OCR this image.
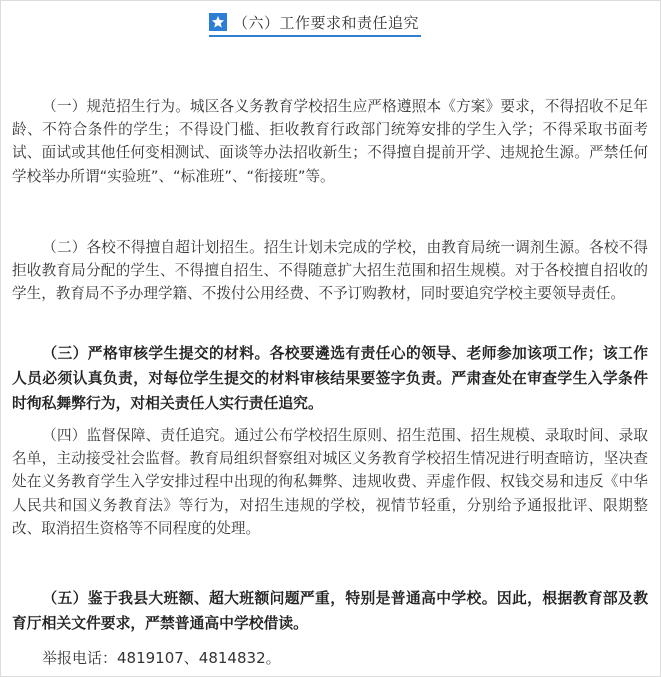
（六）工作要求和责任追究

（一）规范招生行为。城区各义务教育学校招生应严格遵照本《方案》要求，不得招收不足年龄、不符合条件的学生；不得设门槛、拒收教育行政部门统筹安排的学生入学；不得采取书面考试、面试或其他任何变相测试、面谈等办法招收新生；不得擅自提前开学、违规抢生源。严禁任何学校举办所谓“实验班”、“标准班”、“衔接班”等。

（二）各校不得擅自超计划招生。招生计划未完成的学校，由教育局统一调剂生源。各校不得拒收教育局分配的学生、不得擅自招生、不得随意扩大招生范围和招生规模。对于各校擅自招收的学生，教育局不予办理学籍、不拨付公用经费、不予订购教材，同时要追究学校主要领导责任。

（三）严格审核学生提交的材料。各校要遴选有责任心的领导、老师参加该项工作；该工作人员必须认真负责，对每位学生提交的材料审核结果要签字负责。严肃查处在审查学生入学条件时徇私舞弊行为，对相关责任人实行责任追究。

（四）监督保障、责任追究。通过公布学校招生原则、招生范围、招生规模、录取时间、录取名单，主动接受社会监督。教育局组织督察组对城区义务教育学校招生情况进行明查暗访，坚决查处在义务教育学生入学安排过程中出现的徇私舞弊、违规收费、弄虚作假、权钱交易和违反《中华人民共和国义务教育法》等行为，对招生违规的学校，视情节轻重，分别给予通报批评、限期整改、取消招生资格等不同程度的处理。

（五）鉴于我县大班额、超大班额问题严重，特别是普通高中学校。因此，根据教育部及教育厅相关文件要求，严禁普通高中学校借读。

举报电话：4819107、4814832。
